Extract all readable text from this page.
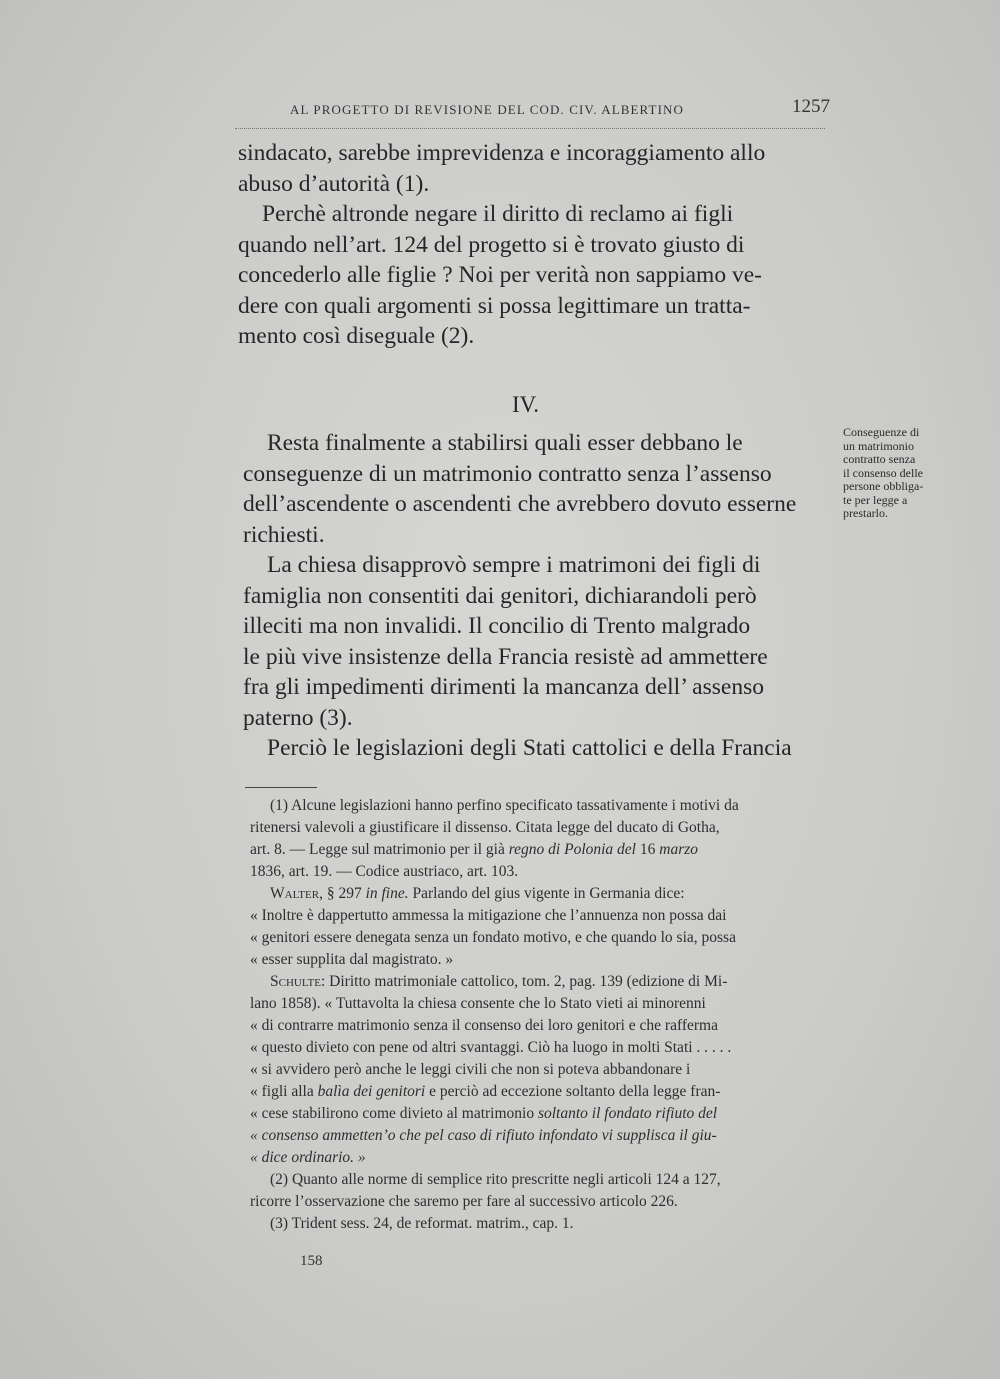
AL PROGETTO DI REVISIONE DEL COD. CIV. ALBERTINO	1257
sindacato, sarebbe imprevidenza e incoraggiamento allo
abuso d’autorità (1).
Perchè altronde negare il diritto di reclamo ai figli
quando nell’art. 124 del progetto si è trovato giusto di
concederlo alle figlie ? Noi per verità non sappiamo ve-
dere con quali argomenti si possa legittimare un tratta-
mento così diseguale (2).
IV.
Resta finalmente a stabilirsi quali esser debbano le
conseguenze di un matrimonio contratto senza l’assenso
dell’ascendente o ascendenti che avrebbero dovuto esserne
richiesti.
La chiesa disapprovò sempre i matrimoni dei figli di
famiglia non consentiti dai genitori, dichiarandoli però
illeciti ma non invalidi. Il concilio di Trento malgrado
le più vive insistenze della Francia resistè ad ammettere
fra gli impedimenti dirimenti la mancanza dell’ assenso
paterno (3).
Perciò le legislazioni degli Stati cattolici e della Francia
Conseguenze di
un matrimonio
contratto senza
il consenso delle
persone obbliga-
te per legge a
prestarlo.
(1) Alcune legislazioni hanno perfino specificato tassativamente i motivi da
ritenersi valevoli a giustificare il dissenso. Citata legge del ducato di Gotha,
art. 8. — Legge sul matrimonio per il già regno di Polonia del 16 marzo
1836, art. 19. — Codice austriaco, art. 103.
Walter, § 297 in fine. Parlando del gius vigente in Germania dice:
« Inoltre è dappertutto ammessa la mitigazione che l’annuenza non possa dai
« genitori essere denegata senza un fondato motivo, e che quando lo sia, possa
« esser supplita dal magistrato. »
Schulte: Diritto matrimoniale cattolico, tom. 2, pag. 139 (edizione di Mi-
lano 1858). « Tuttavolta la chiesa consente che lo Stato vieti ai minorenni
« di contrarre matrimonio senza il consenso dei loro genitori e che rafferma
« questo divieto con pene od altri svantaggi. Ciò ha luogo in molti Stati . . . . .
« si avvidero però anche le leggi civili che non si poteva abbandonare i
« figli alla balìa dei genitori e perciò ad eccezione soltanto della legge fran-
« cese stabilirono come divieto al matrimonio soltanto il fondato rifiuto del
« consenso ammetten’o che pel caso di rifiuto infondato vi supplisca il giu-
« dice ordinario. »
(2) Quanto alle norme di semplice rito prescritte negli articoli 124 a 127,
ricorre l’osservazione che saremo per fare al successivo articolo 226.
(3) Trident sess. 24, de reformat. matrim., cap. 1.
158
